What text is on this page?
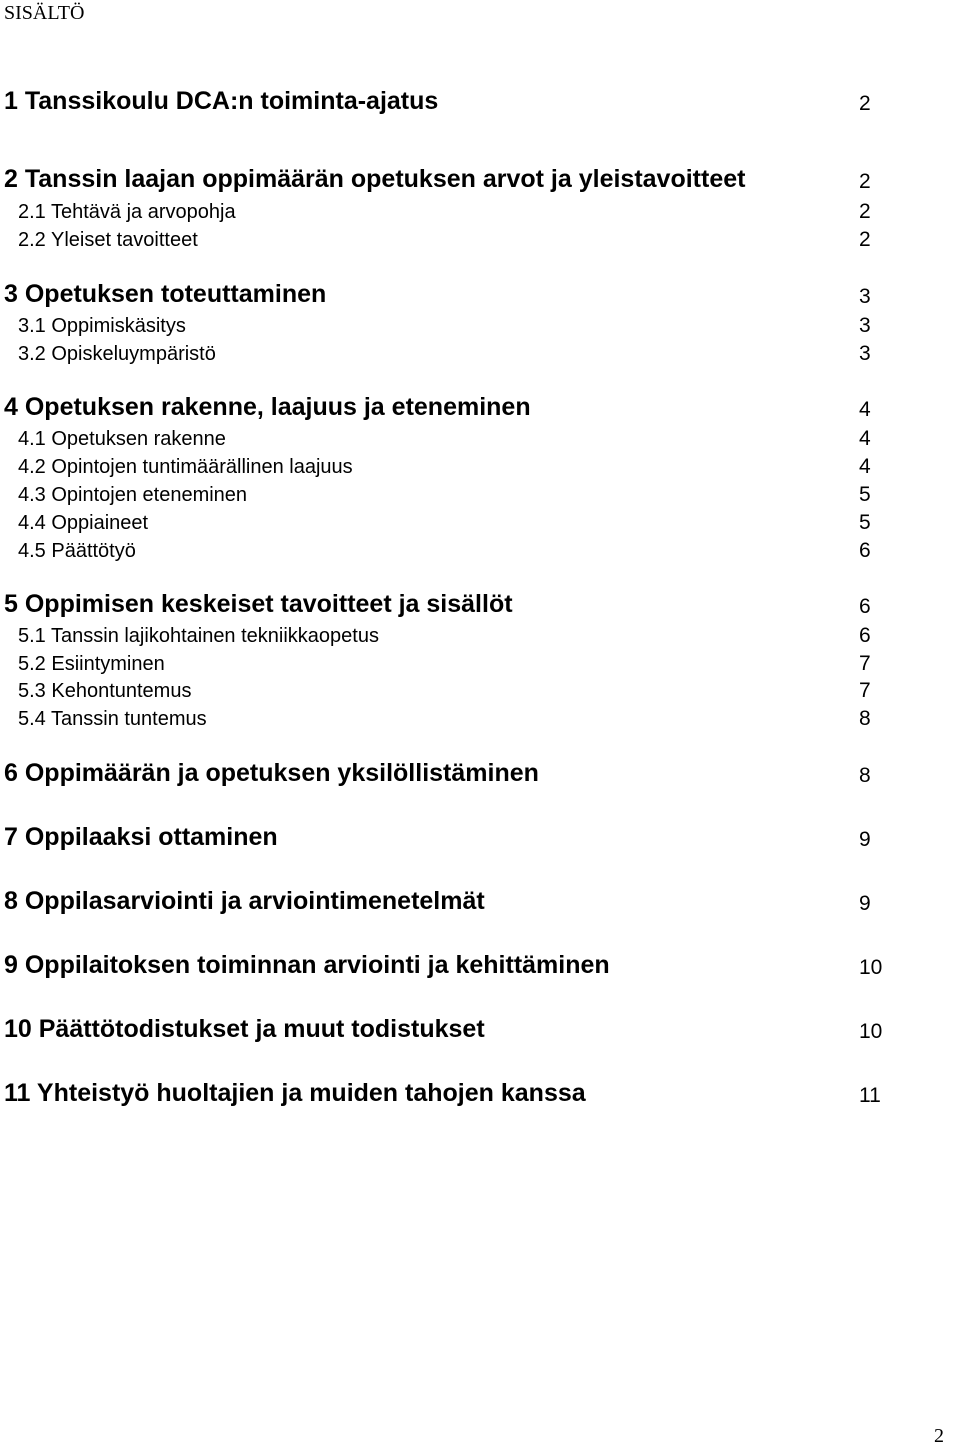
SISÄLTÖ
1 Tanssikoulu DCA:n toiminta-ajatus	2
2 Tanssin laajan oppimäärän opetuksen arvot ja yleistavoitteet	2
2.1 Tehtävä ja arvopohja	2
2.2 Yleiset tavoitteet	2
3 Opetuksen toteuttaminen	3
3.1 Oppimiskäsitys	3
3.2 Opiskeluympäristö	3
4 Opetuksen rakenne, laajuus ja eteneminen	4
4.1 Opetuksen rakenne	4
4.2 Opintojen tuntimäärällinen laajuus	4
4.3 Opintojen eteneminen	5
4.4 Oppiaineet	5
4.5 Päättötyö	6
5 Oppimisen keskeiset tavoitteet ja sisällöt	6
5.1 Tanssin lajikohtainen tekniikkaopetus	6
5.2 Esiintyminen	7
5.3 Kehontuntemus	7
5.4 Tanssin tuntemus	8
6 Oppimäärän ja opetuksen yksilöllistäminen	8
7 Oppilaaksi ottaminen	9
8 Oppilasarviointi ja arviointimenetelmät	9
9 Oppilaitoksen toiminnan arviointi ja kehittäminen	10
10 Päättötodistukset ja muut todistukset	10
11 Yhteistyö huoltajien ja muiden tahojen kanssa	11
2
